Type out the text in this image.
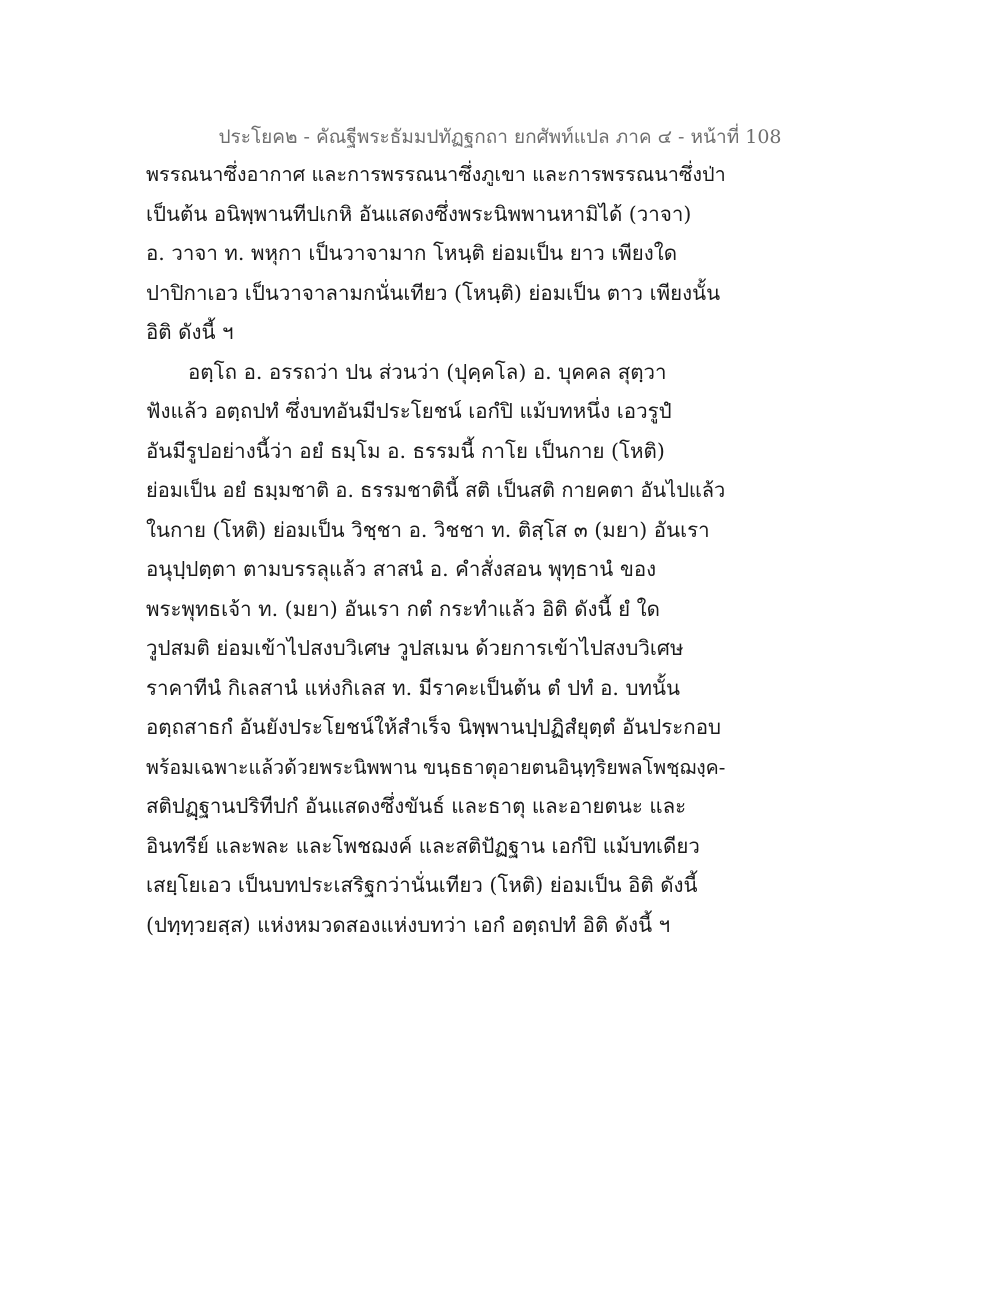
ประโยค๒ - คัณฐีพระธัมมปทัฏฐกถา ยกศัพท์แปล ภาค ๔ - หน้าที่ 108
พรรณนาซึ่งอากาศ และการพรรณนาซึ่งภูเขา และการพรรณนาซึ่งป่า
เป็นต้น อนิพฺพานทีปเกหิ อันแสดงซึ่งพระนิพพานหามิได้ (วาจา)
อ. วาจา ท. พหุกา เป็นวาจามาก โหนฺติ ย่อมเป็น ยาว เพียงใด
ปาปิกาเอว เป็นวาจาลามกนั่นเทียว (โหนฺติ) ย่อมเป็น ตาว เพียงนั้น
อิติ ดังนี้ ฯ
อตฺโถ อ. อรรถว่า ปน ส่วนว่า (ปุคฺคโล) อ. บุคคล สุตฺวา
ฟังแล้ว อตฺถปทํ ซึ่งบทอันมีประโยชน์ เอกํปิ แม้บทหนึ่ง เอวรูปํ
อันมีรูปอย่างนี้ว่า อยํ ธมฺโม อ. ธรรมนี้ กาโย เป็นกาย (โหติ)
ย่อมเป็น อยํ ธมฺมชาติ อ. ธรรมชาตินี้ สติ เป็นสติ กายคตา อันไปแล้ว
ในกาย (โหติ) ย่อมเป็น วิชฺชา อ. วิชชา ท. ติสฺโส ๓ (มยา) อันเรา
อนุปฺปตฺตา ตามบรรลุแล้ว สาสนํ อ. คำสั่งสอน พุทฺธานํ ของ
พระพุทธเจ้า ท. (มยา) อันเรา กตํ กระทำแล้ว อิติ ดังนี้ ยํ ใด
วูปสมติ ย่อมเข้าไปสงบวิเศษ วูปสเมน ด้วยการเข้าไปสงบวิเศษ
ราคาทีนํ กิเลสานํ แห่งกิเลส ท. มีราคะเป็นต้น ตํ ปทํ อ. บทนั้น
อตฺถสาธกํ อันยังประโยชน์ให้สำเร็จ นิพฺพานปฺปฏิสํยุตฺตํ อันประกอบ
พร้อมเฉพาะแล้วด้วยพระนิพพาน ขนฺธธาตุอายตนอินฺทฺริยพลโพชฺฌงฺค-
สติปฏฺฐานปริทีปกํ อันแสดงซึ่งขันธ์ และธาตุ และอายตนะ และ
อินทรีย์ และพละ และโพชฌงค์ และสติปัฏฐาน เอกํปิ แม้บทเดียว
เสยฺโยเอว เป็นบทประเสริฐกว่านั่นเทียว (โหติ) ย่อมเป็น อิติ ดังนี้
(ปทฺทฺวยสฺส) แห่งหมวดสองแห่งบทว่า เอกํ อตฺถปทํ อิติ ดังนี้ ฯ
